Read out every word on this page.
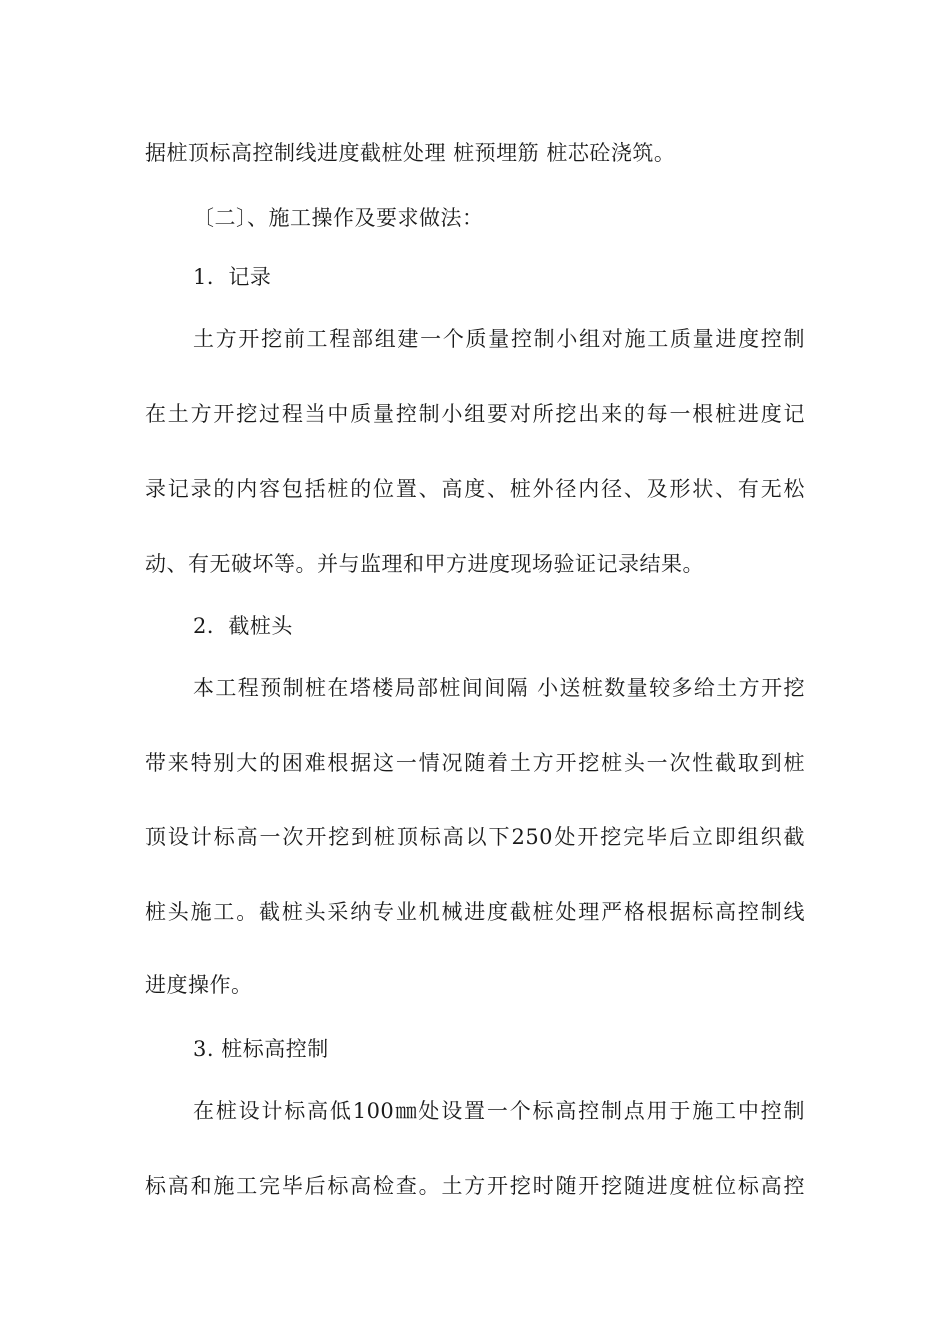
据桩顶标高控制线进度截桩处理 桩预埋筋 桩芯砼浇筑。
〔二〕、施工操作及要求做法：
1．记录
土方开挖前工程部组建一个质量控制小组对施工质量进度控制
在土方开挖过程当中质量控制小组要对所挖出来的每一根桩进度记
录记录的内容包括桩的位置、高度、桩外径内径、及形状、有无松
动、有无破坏等。并与监理和甲方进度现场验证记录结果。
2．截桩头
本工程预制桩在塔楼局部桩间间隔 小送桩数量较多给土方开挖
带来特别大的困难根据这一情况随着土方开挖桩头一次性截取到桩
顶设计标高一次开挖到桩顶标高以下250处开挖完毕后立即组织截
桩头施工。截桩头采纳专业机械进度截桩处理严格根据标高控制线
进度操作。
3. 桩标高控制
在桩设计标高低100㎜处设置一个标高控制点用于施工中控制
标高和施工完毕后标高检查。土方开挖时随开挖随进度桩位标高控
